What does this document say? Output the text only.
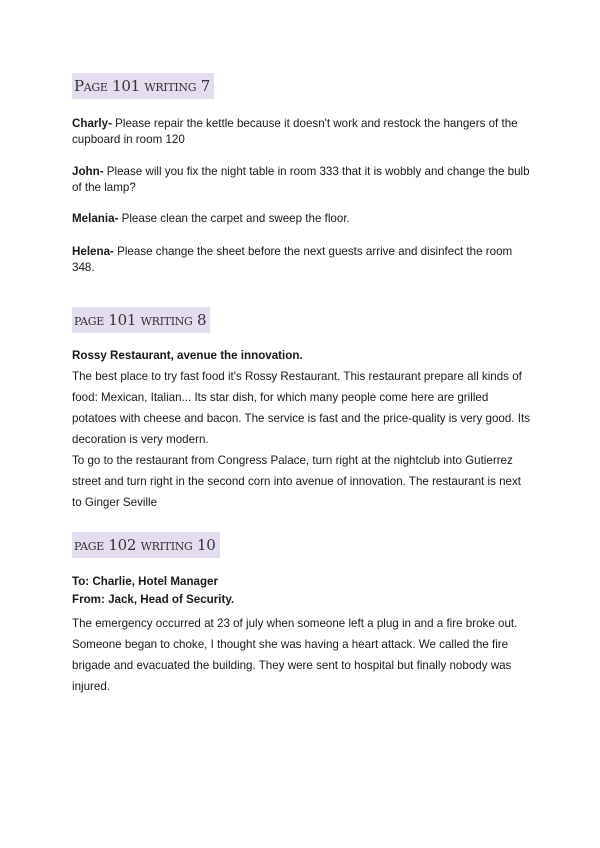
Page 101 writing 7

Charly- Please repair the kettle because it doesn't work and restock the hangers of the cupboard in room 120

John- Please will you fix the night table in room 333 that it is wobbly and change the bulb of the lamp?

Melania- Please clean the carpet and sweep the floor.

Helena- Please change the sheet before the next guests arrive and disinfect the room 348.

page 101 writing 8

Rossy Restaurant, avenue the innovation.

The best place to try fast food it's Rossy Restaurant. This restaurant prepare all kinds of food: Mexican, Italian... Its star dish, for which many people come here are grilled potatoes with cheese and bacon. The service is fast and the price-quality is very good. Its decoration is very modern.
To go to the restaurant from Congress Palace, turn right at the nightclub into Gutierrez street and turn right in the second corn into avenue of innovation. The restaurant is next to Ginger Seville

page 102 writing 10

To: Charlie, Hotel Manager

From: Jack, Head of Security.

The emergency occurred at 23 of july when someone left a plug in and a fire broke out. Someone began to choke, I thought she was having a heart attack. We called the fire brigade and evacuated the building. They were sent to hospital but finally nobody was injured.
